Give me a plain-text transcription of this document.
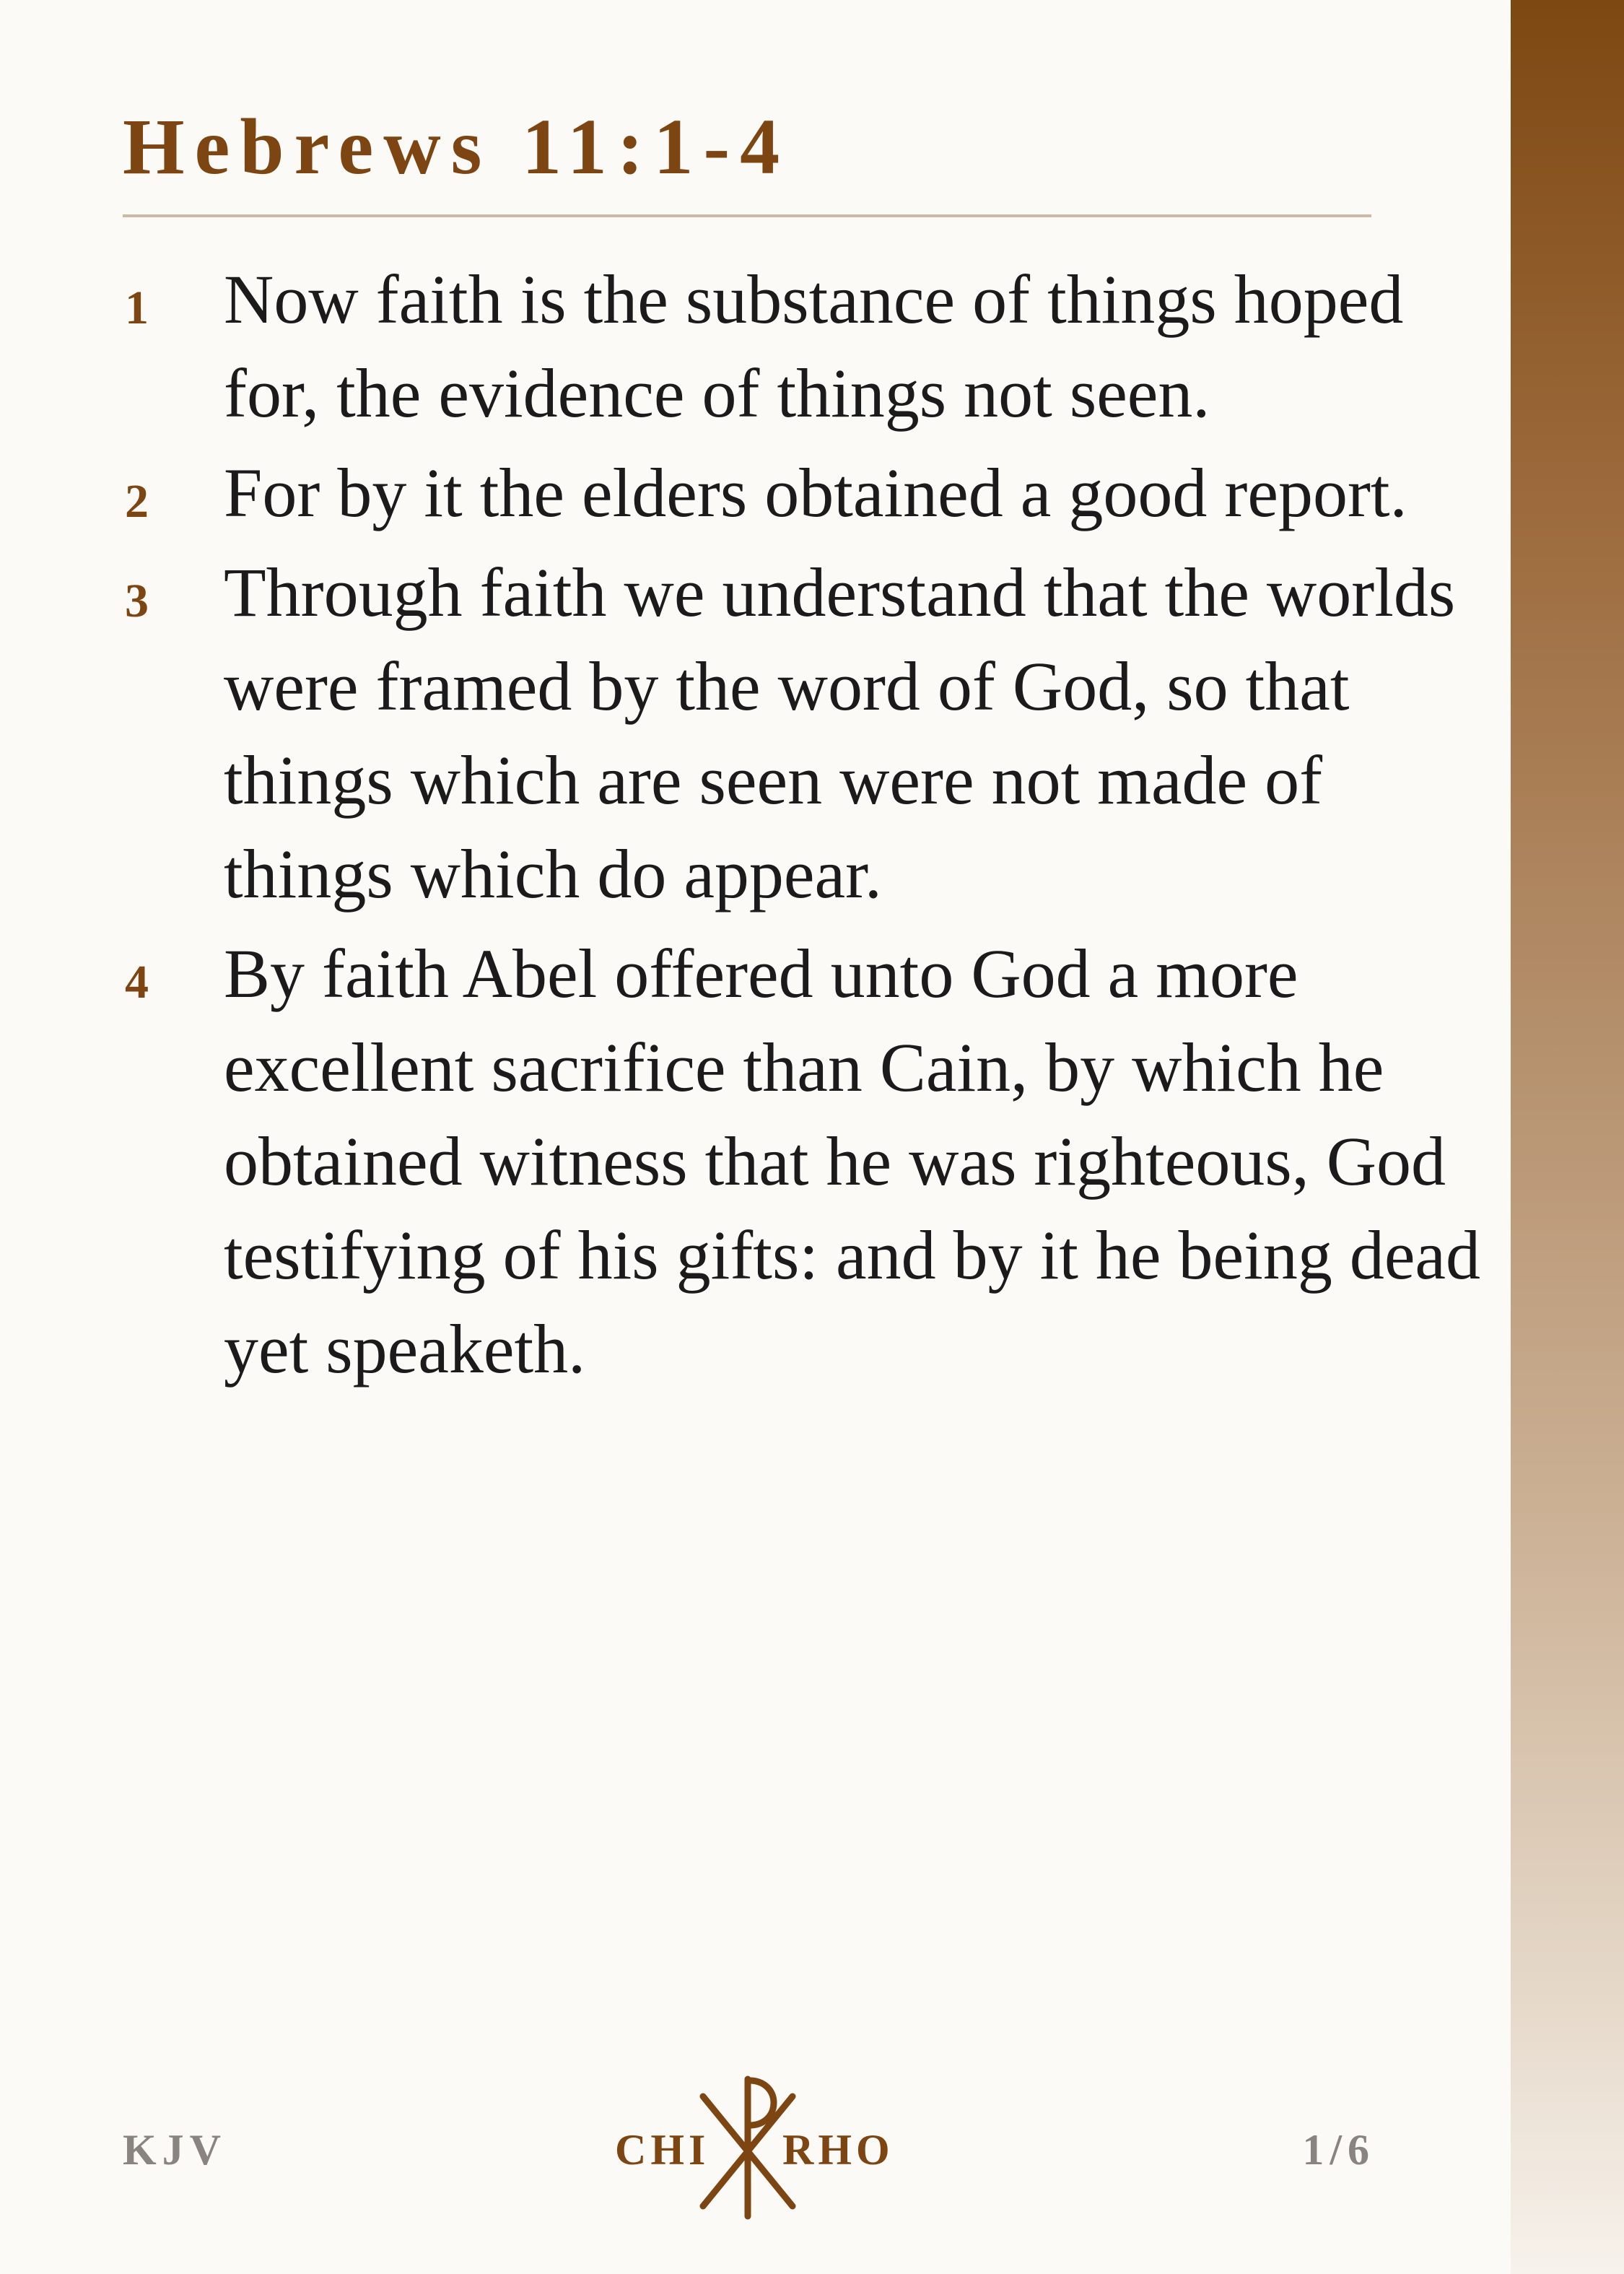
Hebrews 11:1-4
1 Now faith is the substance of things hoped for, the evidence of things not seen.
2 For by it the elders obtained a good report.
3 Through faith we understand that the worlds were framed by the word of God, so that things which are seen were not made of things which do appear.
4 By faith Abel offered unto God a more excellent sacrifice than Cain, by which he obtained witness that he was righteous, God testifying of his gifts: and by it he being dead yet speaketh.
KJV	CHI RHO	1/6
